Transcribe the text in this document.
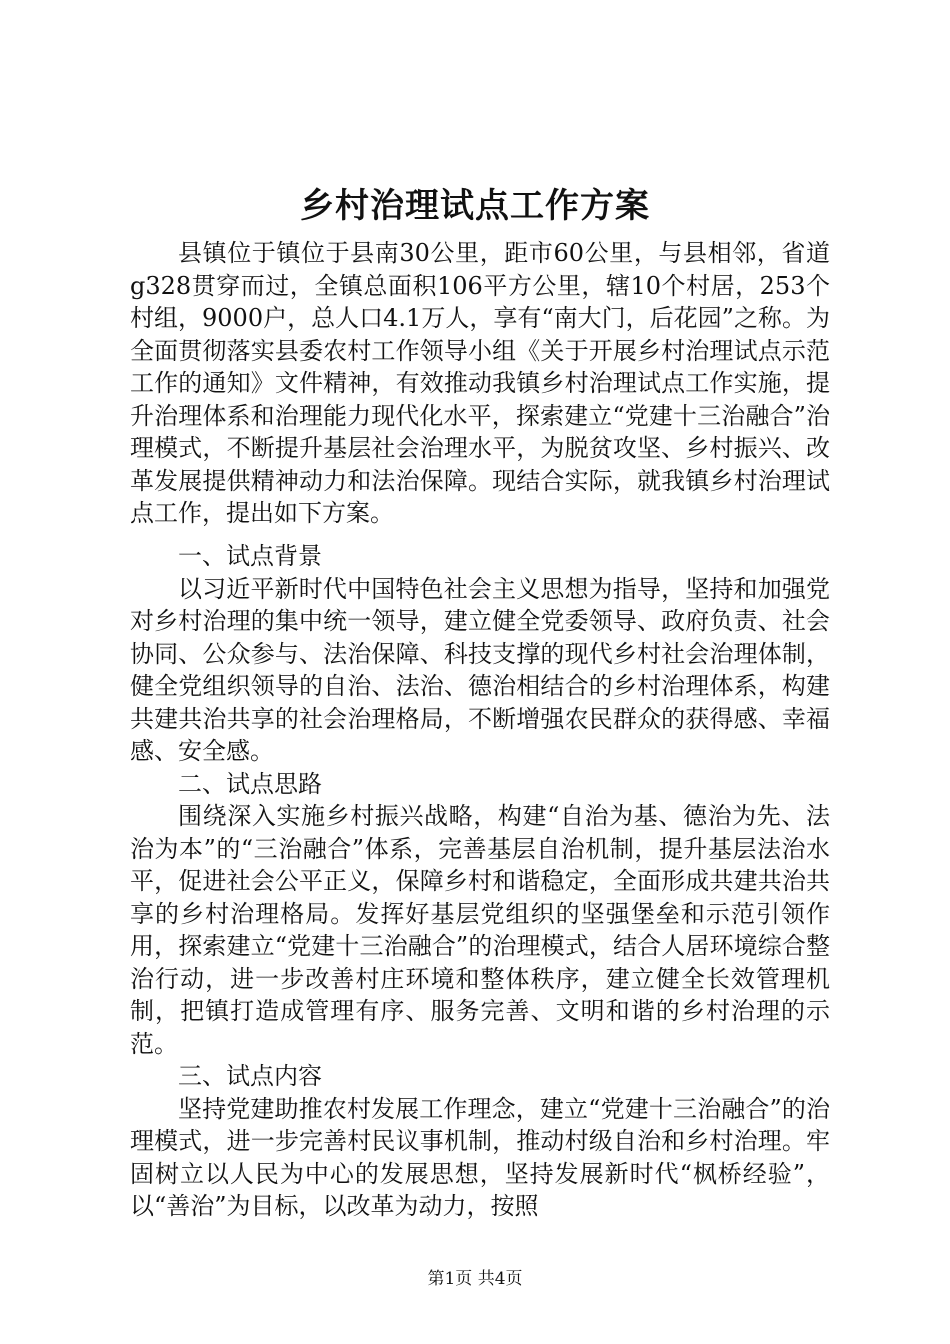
乡村治理试点工作方案

县镇位于镇位于县南30公里，距市60公里，与县相邻，省道g328贯穿而过，全镇总面积106平方公里，辖10个村居，253个村组，9000户，总人口4.1万人，享有“南大门，后花园”之称。为全面贯彻落实县委农村工作领导小组《关于开展乡村治理试点示范工作的通知》文件精神，有效推动我镇乡村治理试点工作实施，提升治理体系和治理能力现代化水平，探索建立“党建十三治融合”治理模式，不断提升基层社会治理水平，为脱贫攻坚、乡村振兴、改革发展提供精神动力和法治保障。现结合实际，就我镇乡村治理试点工作，提出如下方案。

一、试点背景

以习近平新时代中国特色社会主义思想为指导，坚持和加强党对乡村治理的集中统一领导，建立健全党委领导、政府负责、社会协同、公众参与、法治保障、科技支撑的现代乡村社会治理体制，健全党组织领导的自治、法治、德治相结合的乡村治理体系，构建共建共治共享的社会治理格局，不断增强农民群众的获得感、幸福感、安全感。

二、试点思路

围绕深入实施乡村振兴战略，构建“自治为基、德治为先、法治为本”的“三治融合”体系，完善基层自治机制，提升基层法治水平，促进社会公平正义，保障乡村和谐稳定，全面形成共建共治共享的乡村治理格局。发挥好基层党组织的坚强堡垒和示范引领作用，探索建立“党建十三治融合”的治理模式，结合人居环境综合整治行动，进一步改善村庄环境和整体秩序，建立健全长效管理机制，把镇打造成管理有序、服务完善、文明和谐的乡村治理的示范。

三、试点内容

坚持党建助推农村发展工作理念，建立“党建十三治融合”的治理模式，进一步完善村民议事机制，推动村级自治和乡村治理。牢固树立以人民为中心的发展思想，坚持发展新时代“枫桥经验”，以“善治”为目标，以改革为动力，按照

第1页 共4页
